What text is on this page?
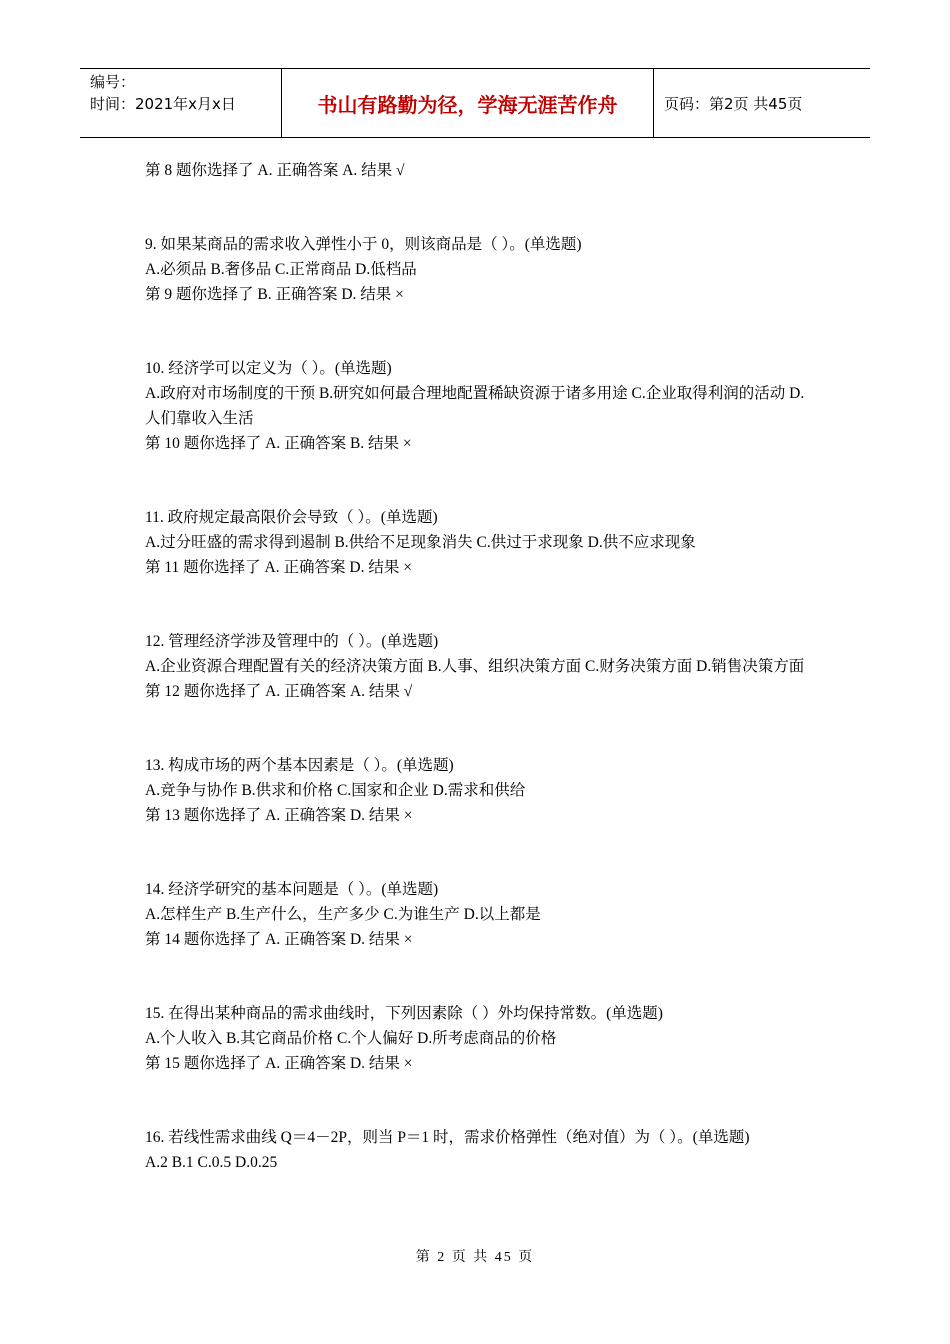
编号：
时间：2021年x月x日	书山有路勤为径，学海无涯苦作舟	页码：第2页 共45页

第 8 题你选择了 A. 正确答案 A. 结果 √

9. 如果某商品的需求收入弹性小于 0，则该商品是（ ）。(单选题)

A.必须品 B.奢侈品 C.正常商品 D.低档品

第 9 题你选择了 B. 正确答案 D. 结果 ×

10. 经济学可以定义为（ ）。(单选题)

A.政府对市场制度的干预 B.研究如何最合理地配置稀缺资源于诸多用途 C.企业取得利润的活动 D.人们靠收入生活

第 10 题你选择了 A. 正确答案 B. 结果 ×

11. 政府规定最高限价会导致（ ）。(单选题)

A.过分旺盛的需求得到遏制 B.供给不足现象消失 C.供过于求现象 D.供不应求现象

第 11 题你选择了 A. 正确答案 D. 结果 ×

12. 管理经济学涉及管理中的（ ）。(单选题)

A.企业资源合理配置有关的经济决策方面 B.人事、组织决策方面 C.财务决策方面 D.销售决策方面

第 12 题你选择了 A. 正确答案 A. 结果 √

13. 构成市场的两个基本因素是（ ）。(单选题)

A.竞争与协作 B.供求和价格 C.国家和企业 D.需求和供给

第 13 题你选择了 A. 正确答案 D. 结果 ×

14. 经济学研究的基本问题是（ ）。(单选题)

A.怎样生产 B.生产什么，生产多少 C.为谁生产 D.以上都是

第 14 题你选择了 A. 正确答案 D. 结果 ×

15. 在得出某种商品的需求曲线时，下列因素除（ ）外均保持常数。(单选题)

A.个人收入 B.其它商品价格 C.个人偏好 D.所考虑商品的价格

第 15 题你选择了 A. 正确答案 D. 结果 ×

16. 若线性需求曲线 Q＝4－2P，则当 P＝1 时，需求价格弹性（绝对值）为（ ）。(单选题)

A.2 B.1 C.0.5 D.0.25

第 2 页 共 45 页
